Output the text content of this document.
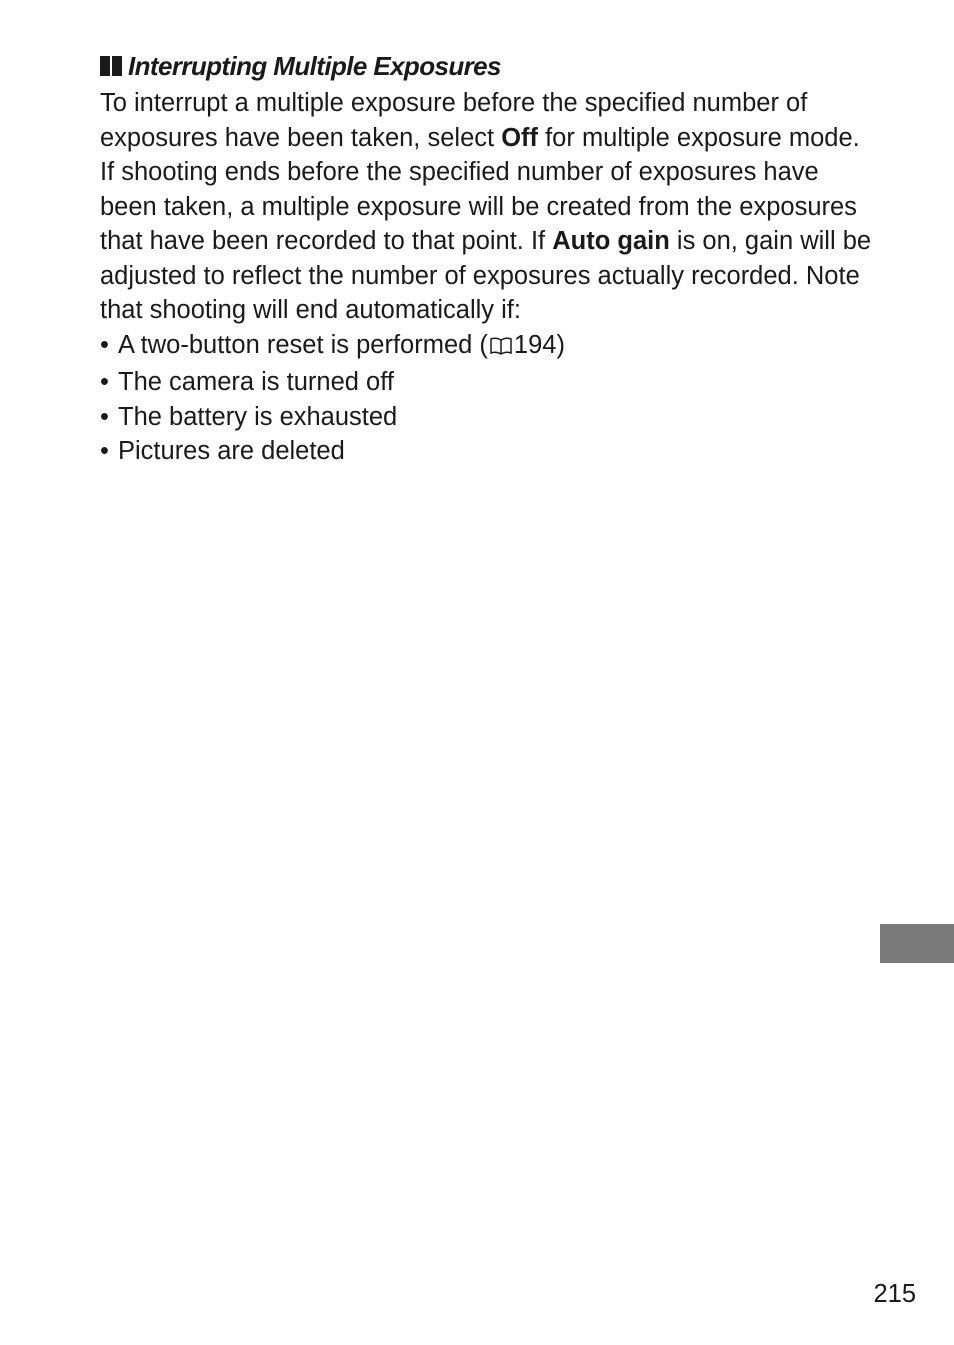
Interrupting Multiple Exposures

To interrupt a multiple exposure before the specified number of exposures have been taken, select Off for multiple exposure mode. If shooting ends before the specified number of exposures have been taken, a multiple exposure will be created from the exposures that have been recorded to that point. If Auto gain is on, gain will be adjusted to reflect the number of exposures actually recorded. Note that shooting will end automatically if:

• A two-button reset is performed ( 194)
• The camera is turned off
• The battery is exhausted
• Pictures are deleted
215
